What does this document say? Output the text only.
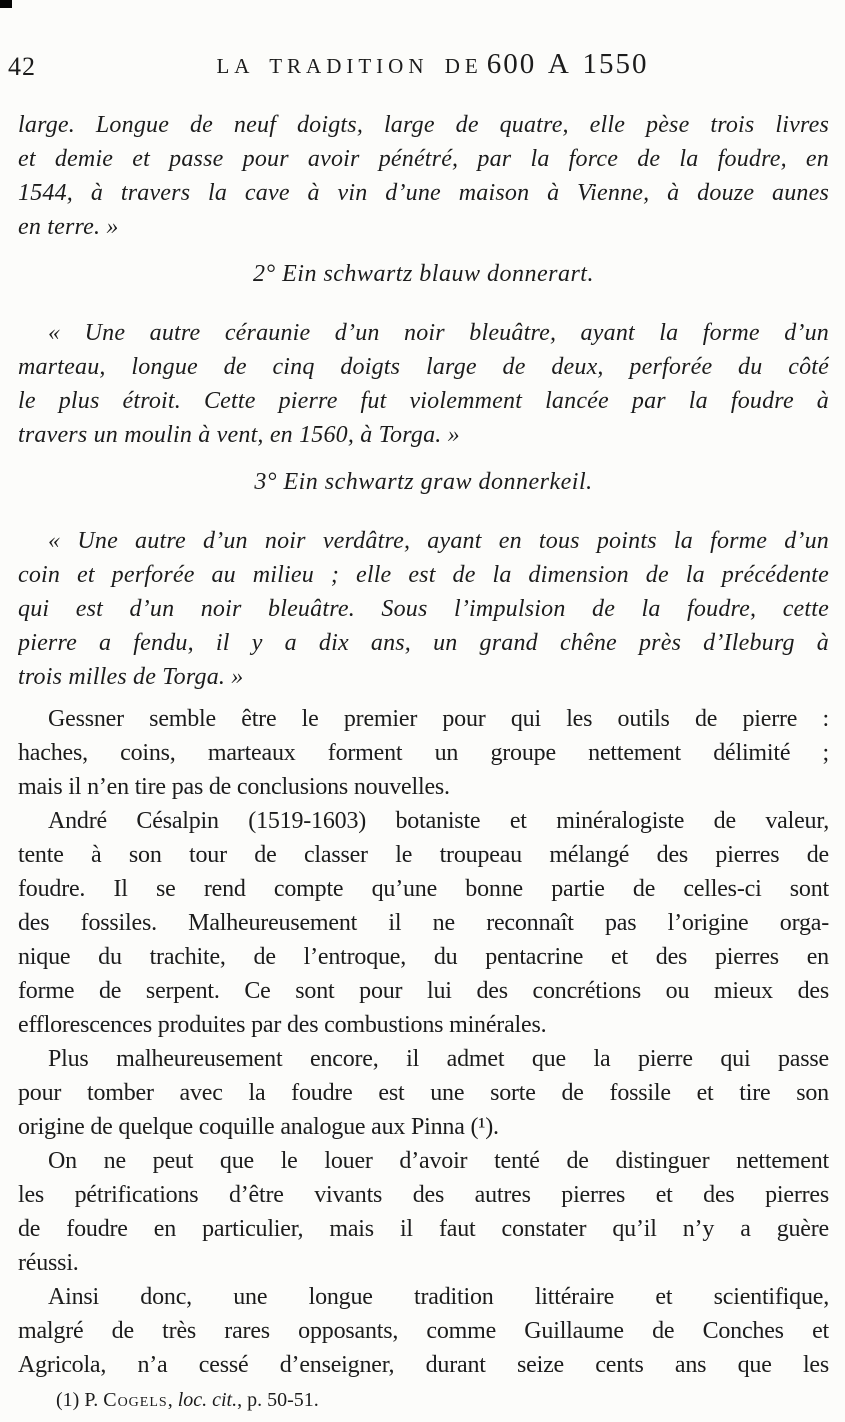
42	LA TRADITION DE 600 A 1550
large. Longue de neuf doigts, large de quatre, elle pèse trois livres
et demie et passe pour avoir pénétré, par la force de la foudre, en
1544, à travers la cave à vin d’une maison à Vienne, à douze aunes
en terre. »
2° Ein schwartz blauw donnerart.
« Une autre céraunie d’un noir bleuâtre, ayant la forme d’un
marteau, longue de cinq doigts large de deux, perforée du côté
le plus étroit. Cette pierre fut violemment lancée par la foudre à
travers un moulin à vent, en 1560, à Torga. »
3° Ein schwartz graw donnerkeil.
« Une autre d’un noir verdâtre, ayant en tous points la forme d’un
coin et perforée au milieu ; elle est de la dimension de la précédente
qui est d’un noir bleuâtre. Sous l’impulsion de la foudre, cette
pierre a fendu, il y a dix ans, un grand chêne près d’Ileburg à
trois milles de Torga. »
Gessner semble être le premier pour qui les outils de pierre :
haches, coins, marteaux forment un groupe nettement délimité ;
mais il n’en tire pas de conclusions nouvelles.
André Césalpin (1519-1603) botaniste et minéralogiste de valeur,
tente à son tour de classer le troupeau mélangé des pierres de
foudre. Il se rend compte qu’une bonne partie de celles-ci sont
des fossiles. Malheureusement il ne reconnaît pas l’origine orga-
nique du trachite, de l’entroque, du pentacrine et des pierres en
forme de serpent. Ce sont pour lui des concrétions ou mieux des
efflorescences produites par des combustions minérales.
Plus malheureusement encore, il admet que la pierre qui passe
pour tomber avec la foudre est une sorte de fossile et tire son
origine de quelque coquille analogue aux Pinna (¹).
On ne peut que le louer d’avoir tenté de distinguer nettement
les pétrifications d’être vivants des autres pierres et des pierres
de foudre en particulier, mais il faut constater qu’il n’y a guère
réussi.
Ainsi donc, une longue tradition littéraire et scientifique,
malgré de très rares opposants, comme Guillaume de Conches et
Agricola, n’a cessé d’enseigner, durant seize cents ans que les
(1) P. Cogels, loc. cit., p. 50-51.
